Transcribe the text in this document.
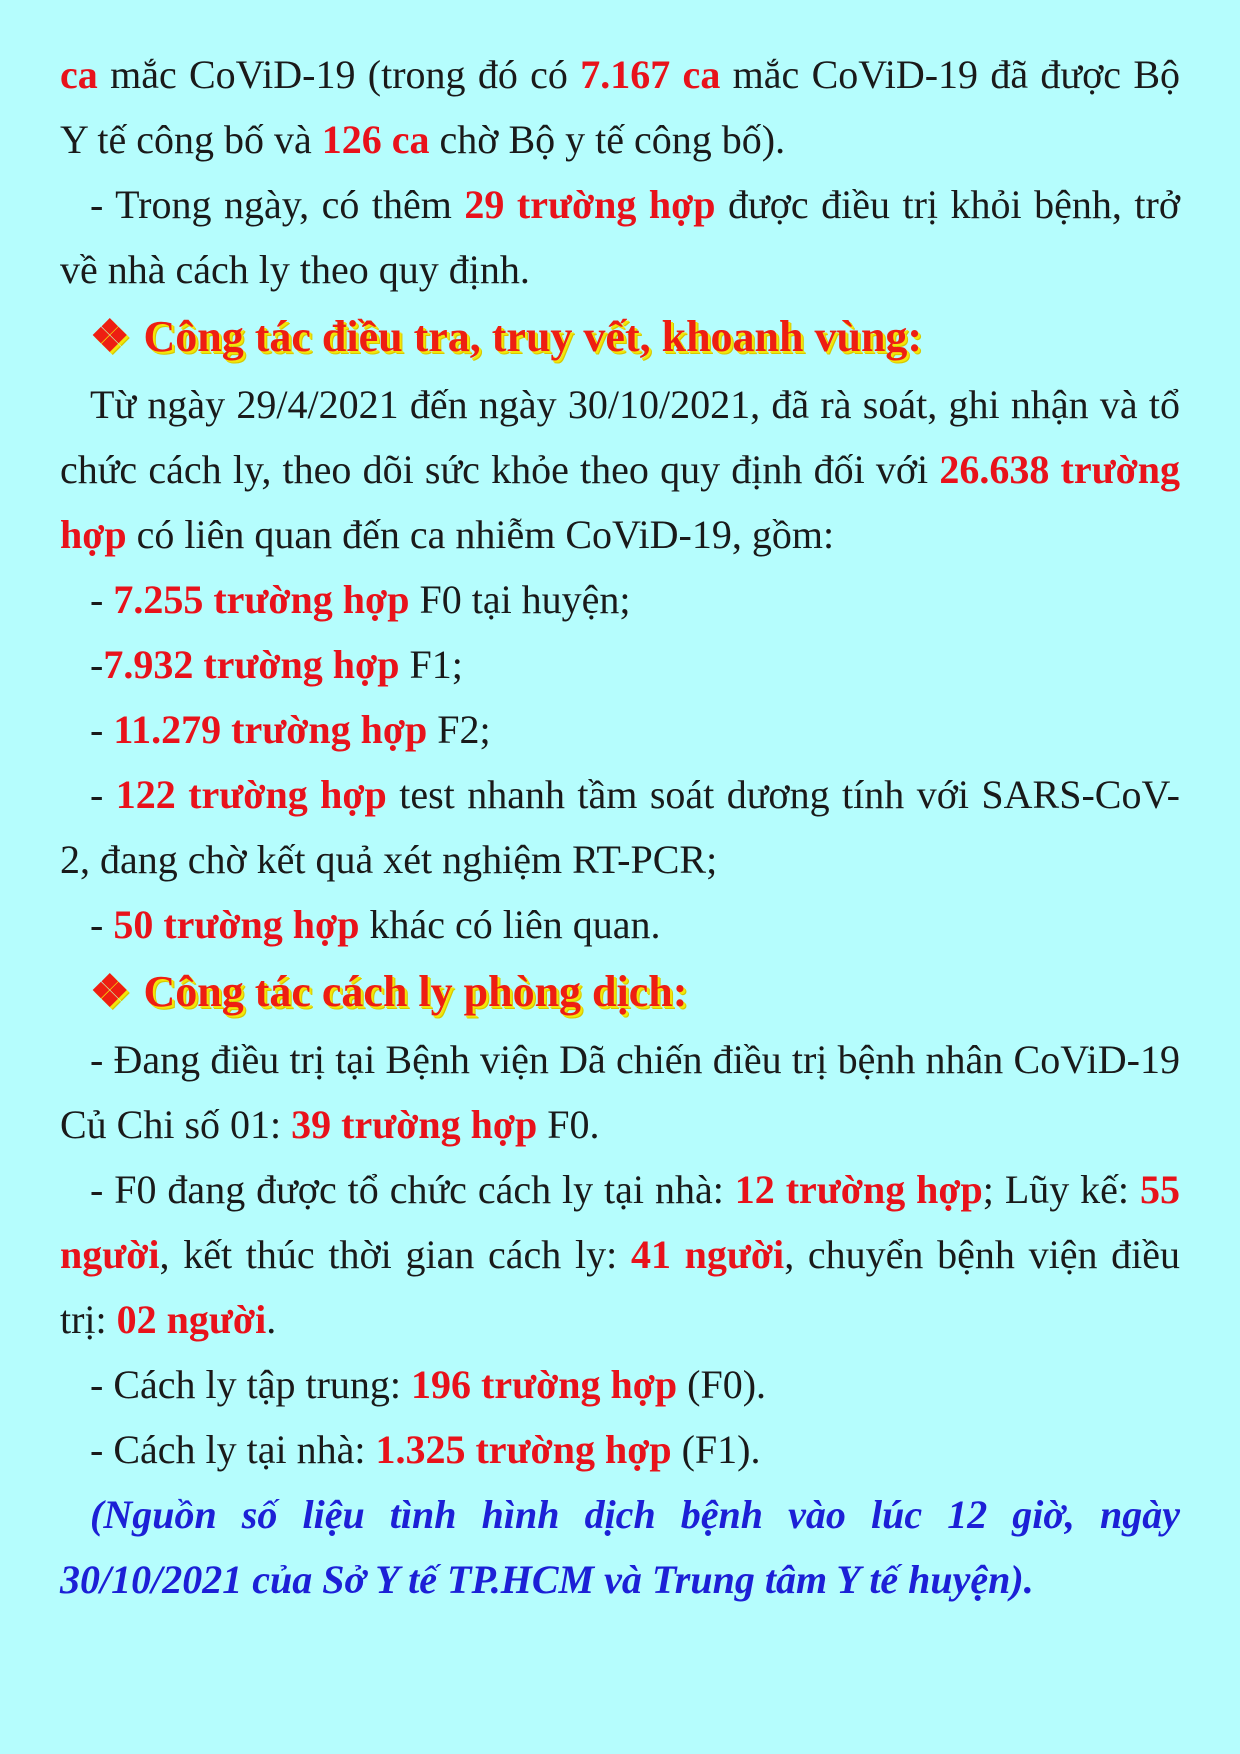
ca mắc CoViD-19 (trong đó có 7.167 ca mắc CoViD-19 đã được Bộ Y tế công bố và 126 ca chờ Bộ y tế công bố).

- Trong ngày, có thêm 29 trường hợp được điều trị khỏi bệnh, trở về nhà cách ly theo quy định.

❖ Công tác điều tra, truy vết, khoanh vùng:

Từ ngày 29/4/2021 đến ngày 30/10/2021, đã rà soát, ghi nhận và tổ chức cách ly, theo dõi sức khỏe theo quy định đối với 26.638 trường hợp có liên quan đến ca nhiễm CoViD-19, gồm:

- 7.255 trường hợp F0 tại huyện;

-7.932 trường hợp F1;

- 11.279 trường hợp F2;

- 122 trường hợp test nhanh tầm soát dương tính với SARS-CoV-2, đang chờ kết quả xét nghiệm RT-PCR;

- 50 trường hợp khác có liên quan.

❖ Công tác cách ly phòng dịch:

- Đang điều trị tại Bệnh viện Dã chiến điều trị bệnh nhân CoViD-19 Củ Chi số 01: 39 trường hợp F0.

- F0 đang được tổ chức cách ly tại nhà: 12 trường hợp; Lũy kế: 55 người, kết thúc thời gian cách ly: 41 người, chuyển bệnh viện điều trị: 02 người.

- Cách ly tập trung: 196 trường hợp (F0).

- Cách ly tại nhà: 1.325 trường hợp (F1).

(Nguồn số liệu tình hình dịch bệnh vào lúc 12 giờ, ngày 30/10/2021 của Sở Y tế TP.HCM và Trung tâm Y tế huyện).
